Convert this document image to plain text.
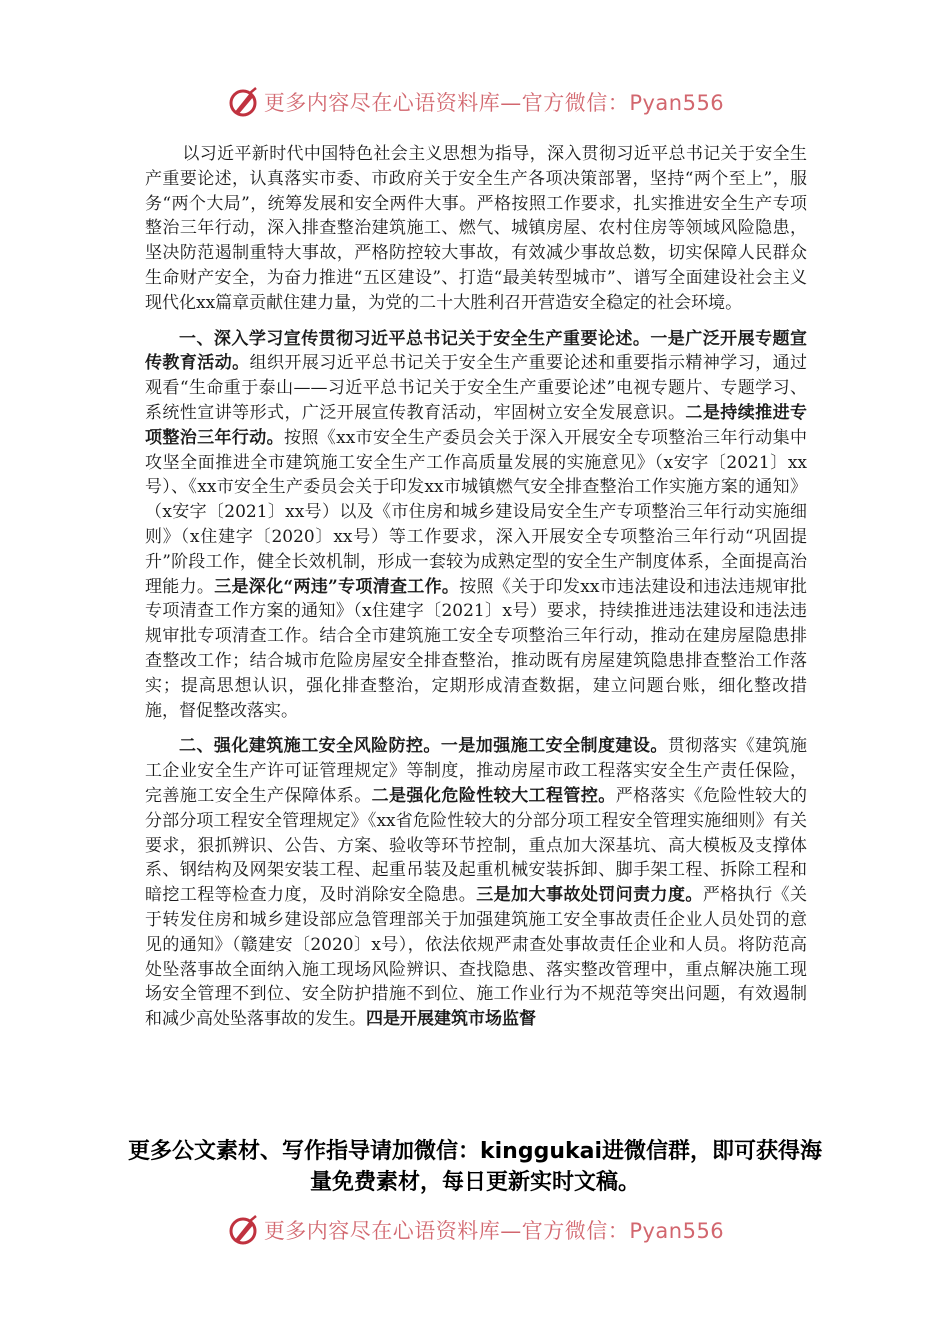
更多内容尽在心语资料库—官方微信：Pyan556

以习近平新时代中国特色社会主义思想为指导，深入贯彻习近平总书记关于安全生产重要论述，认真落实市委、市政府关于安全生产各项决策部署，坚持“两个至上”，服务“两个大局”，统筹发展和安全两件大事。严格按照工作要求，扎实推进安全生产专项整治三年行动，深入排查整治建筑施工、燃气、城镇房屋、农村住房等领域风险隐患，坚决防范遏制重特大事故，严格防控较大事故，有效减少事故总数，切实保障人民群众生命财产安全，为奋力推进“五区建设”、打造“最美转型城市”、谱写全面建设社会主义现代化xx篇章贡献住建力量，为党的二十大胜利召开营造安全稳定的社会环境。

一、深入学习宣传贯彻习近平总书记关于安全生产重要论述。一是广泛开展专题宣传教育活动。组织开展习近平总书记关于安全生产重要论述和重要指示精神学习，通过观看“生命重于泰山——习近平总书记关于安全生产重要论述”电视专题片、专题学习、系统性宣讲等形式，广泛开展宣传教育活动，牢固树立安全发展意识。二是持续推进专项整治三年行动。按照《xx市安全生产委员会关于深入开展安全专项整治三年行动集中攻坚全面推进全市建筑施工安全生产工作高质量发展的实施意见》（x安字〔2021〕xx号）、《xx市安全生产委员会关于印发xx市城镇燃气安全排查整治工作实施方案的通知》（x安字〔2021〕xx号）以及《市住房和城乡建设局安全生产专项整治三年行动实施细则》（x住建字〔2020〕xx号）等工作要求，深入开展安全专项整治三年行动“巩固提升”阶段工作，健全长效机制，形成一套较为成熟定型的安全生产制度体系，全面提高治理能力。三是深化“两违”专项清查工作。按照《关于印发xx市违法建设和违法违规审批专项清查工作方案的通知》（x住建字〔2021〕x号）要求，持续推进违法建设和违法违规审批专项清查工作。结合全市建筑施工安全专项整治三年行动，推动在建房屋隐患排查整改工作；结合城市危险房屋安全排查整治，推动既有房屋建筑隐患排查整治工作落实；提高思想认识，强化排查整治，定期形成清查数据，建立问题台账，细化整改措施，督促整改落实。

二、强化建筑施工安全风险防控。一是加强施工安全制度建设。贯彻落实《建筑施工企业安全生产许可证管理规定》等制度，推动房屋市政工程落实安全生产责任保险，完善施工安全生产保障体系。二是强化危险性较大工程管控。严格落实《危险性较大的分部分项工程安全管理规定》《xx省危险性较大的分部分项工程安全管理实施细则》有关要求，狠抓辨识、公告、方案、验收等环节控制，重点加大深基坑、高大模板及支撑体系、钢结构及网架安装工程、起重吊装及起重机械安装拆卸、脚手架工程、拆除工程和暗挖工程等检查力度，及时消除安全隐患。三是加大事故处罚问责力度。严格执行《关于转发住房和城乡建设部应急管理部关于加强建筑施工安全事故责任企业人员处罚的意见的通知》（赣建安〔2020〕x号），依法依规严肃查处事故责任企业和人员。将防范高处坠落事故全面纳入施工现场风险辨识、查找隐患、落实整改管理中，重点解决施工现场安全管理不到位、安全防护措施不到位、施工作业行为不规范等突出问题，有效遏制和减少高处坠落事故的发生。四是开展建筑市场监督

更多公文素材、写作指导请加微信：kinggukai进微信群，即可获得海量免费素材，每日更新实时文稿。
更多内容尽在心语资料库—官方微信：Pyan556
